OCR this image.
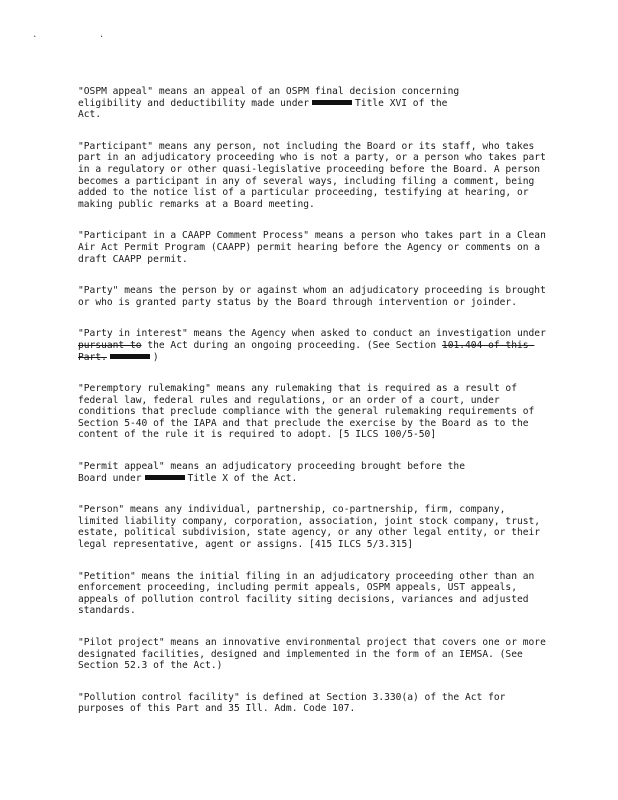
. .

"OSPM appeal" means an appeal of an OSPM final decision concerning
eligibility and deductibility made under	Title XVI of the
Act.

"Participant" means any person, not including the Board or its staff, who takes part in an adjudicatory proceeding who is not a party, or a person who takes part in a regulatory or other quasi-legislative proceeding before the Board. A person becomes a participant in any of several ways, including filing a comment, being added to the notice list of a particular proceeding, testifying at hearing, or making public remarks at a Board meeting.

"Participant in a CAAPP Comment Process" means a person who takes part in a Clean Air Act Permit Program (CAAPP) permit hearing before the Agency or comments on a draft CAAPP permit.

"Party" means the person by or against whom an adjudicatory proceeding is brought or who is granted party status by the Board through intervention or joinder.

"Party in interest" means the Agency when asked to conduct an investigation under pursuant to the Act during an ongoing proceeding. (See Section 101.404 of this Part.	)

"Peremptory rulemaking" means any rulemaking that is required as a result of federal law, federal rules and regulations, or an order of a court, under conditions that preclude compliance with the general rulemaking requirements of Section 5-40 of the IAPA and that preclude the exercise by the Board as to the content of the rule it is required to adopt. [5 ILCS 100/5-50]

"Permit appeal" means an adjudicatory proceeding brought before the
Board under	Title X of the Act.

"Person" means any individual, partnership, co-partnership, firm, company, limited liability company, corporation, association, joint stock company, trust, estate, political subdivision, state agency, or any other legal entity, or their legal representative, agent or assigns. [415 ILCS 5/3.315]

"Petition" means the initial filing in an adjudicatory proceeding other than an enforcement proceeding, including permit appeals, OSPM appeals, UST appeals, appeals of pollution control facility siting decisions, variances and adjusted standards.

"Pilot project" means an innovative environmental project that covers one or more designated facilities, designed and implemented in the form of an IEMSA. (See Section 52.3 of the Act.)

"Pollution control facility" is defined at Section 3.330(a) of the Act for purposes of this Part and 35 Ill. Adm. Code 107.
